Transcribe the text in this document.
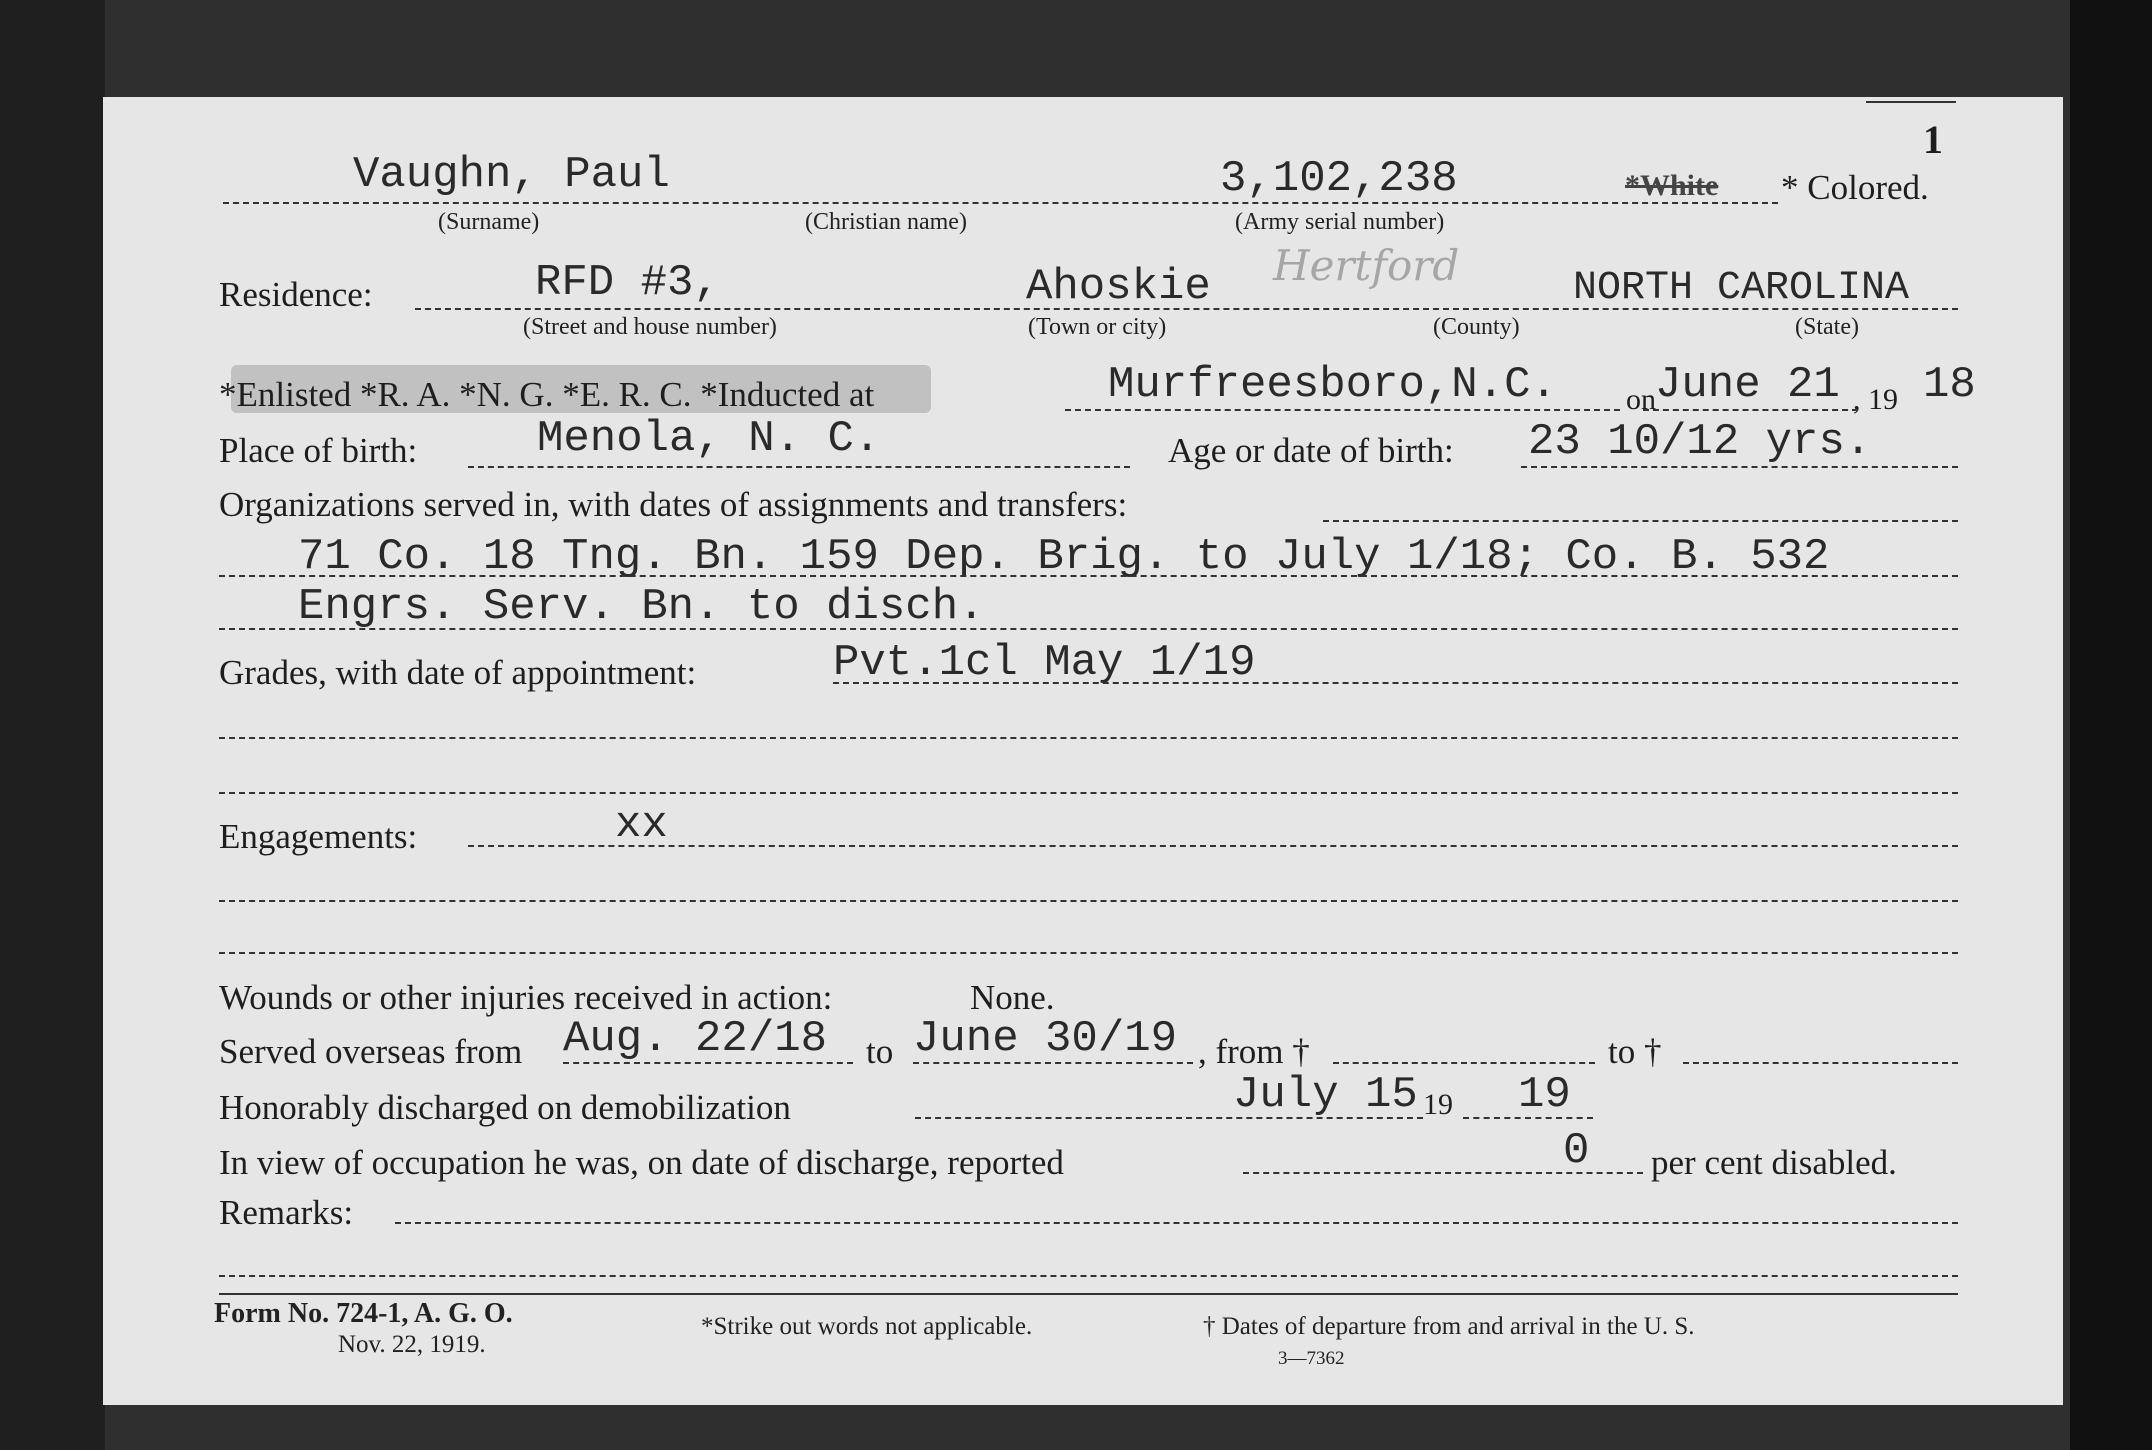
1
Vaughn, Paul	3,102,238	*White * Colored.
(Surname)	(Christian name)	(Army serial number)
Residence:	RFD #3,	Ahoskie Hertford	NORTH CAROLINA
(Street and house number)	(Town or city)	(County)	(State)
*Enlisted *R. A. *N. G. *E. R. C. *Inducted at	Murfreesboro,N.C. on June 21 , 19 18
Place of birth:	Menola, N. C.	Age or date of birth: 23 10/12 yrs.
Organizations served in, with dates of assignments and transfers:
71 Co. 18 Tng. Bn. 159 Dep. Brig. to July 1/18; Co. B. 532
Engrs. Serv. Bn. to disch.
Grades, with date of appointment:	Pvt.1cl May 1/19
Engagements:	xx
Wounds or other injuries received in action:	None.
Served overseas from Aug. 22/18 to June 30/19 , from †	to †
Honorably discharged on demobilization	July 15 19 19
In view of occupation he was, on date of discharge, reported	0 per cent disabled.
Remarks:
Form No. 724-1, A. G. O.
Nov. 22, 1919.
*Strike out words not applicable.	† Dates of departure from and arrival in the U. S.
3—7362
